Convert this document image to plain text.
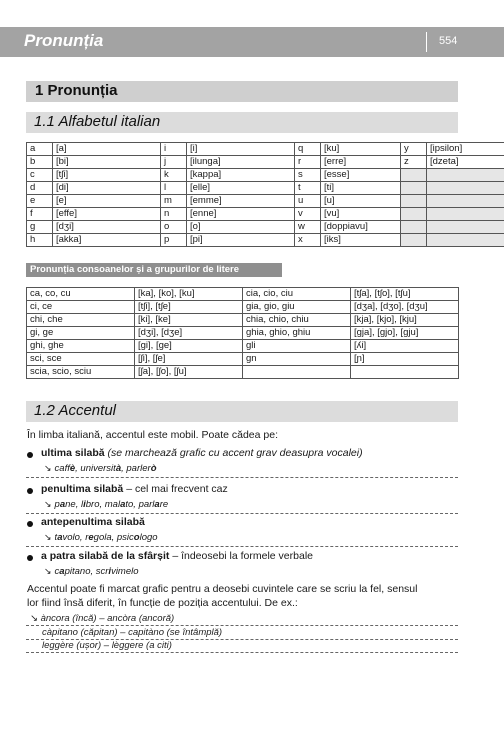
Pronunția	554
1 Pronunția
1.1 Alfabetul italian
a	[a]	i	[i]	q	[ku]	y	[ipsilon]
b	[bi]	j	[ilunga]	r	[erre]	z	[dzeta]
c	[tʃi]	k	[kappa]	s	[esse]		
d	[di]	l	[elle]	t	[ti]		
e	[e]	m	[emme]	u	[u]		
f	[effe]	n	[enne]	v	[vu]		
g	[dʒi]	o	[o]	w	[doppiavu]		
h	[akka]	p	[pi]	x	[iks]		
Pronunția consoanelor și a grupurilor de litere
ca, co, cu	[ka], [ko], [ku]	cia, cio, ciu	[tʃa], [tʃo], [tʃu]
ci, ce	[tʃi], [tʃe]	gia, gio, giu	[dʒa], [dʒo], [dʒu]
chi, che	[ki], [ke]	chia, chio, chiu	[kja], [kjo], [kju]
gi, ge	[dʒi], [dʒe]	ghia, ghio, ghiu	[gja], [gjo], [gju]
ghi, ghe	[gi], [ge]	gli	[ʎi]
sci, sce	[ʃi], [ʃe]	gn	[ɲ]
scia, scio, sciu	[ʃa], [ʃo], [ʃu]		
1.2 Accentul
În limba italiană, accentul este mobil. Poate cădea pe:
ultima silabă (se marchează grafic cu accent grav deasupra vocalei)
↘ caffè, università, parlerò
penultima silabă – cel mai frecvent caz
↘ pane, libro, malato, parlare
antepenultima silabă
↘ tavolo, regola, psicologo
a patra silabă de la sfârșit – îndeosebi la formele verbale
↘ capitano, scrivimelo
Accentul poate fi marcat grafic pentru a deosebi cuvintele care se scriu la fel, sensul
lor fiind însă diferit, în funcție de poziția accentului. De ex.:
↘ àncora (încă) – ancòra (ancoră)
càpitano (căpitan) – capitàno (se întâmplă)
leggère (ușor) – lèggere (a citi)
